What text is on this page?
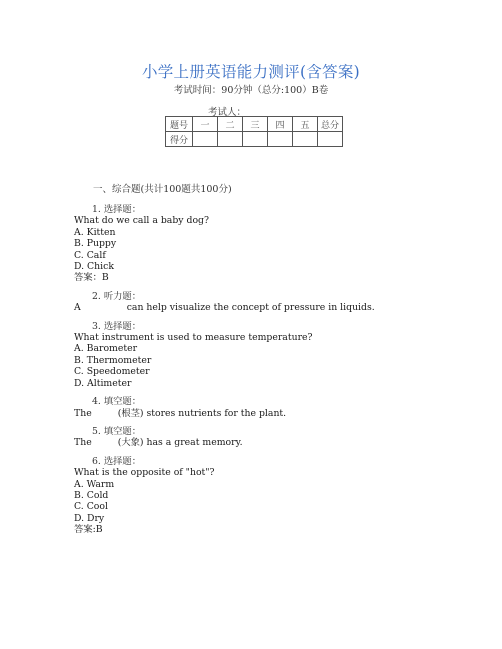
小学上册英语能力测评(含答案)
考试时间：90分钟（总分:100）B卷
考试人：
题号	一	二	三	四	五	总分
得分						
一、综合题(共计100题共100分)
1. 选择题：
What do we call a baby dog?
A. Kitten
B. Puppy
C. Calf
D. Chick
答案：B
2. 听力题：
A	can help visualize the concept of pressure in liquids.
3. 选择题：
What instrument is used to measure temperature?
A. Barometer
B. Thermometer
C. Speedometer
D. Altimeter
4. 填空题：
The	(根茎) stores nutrients for the plant.
5. 填空题：
The	(大象) has a great memory.
6. 选择题：
What is the opposite of "hot"?
A. Warm
B. Cold
C. Cool
D. Dry
答案:B
